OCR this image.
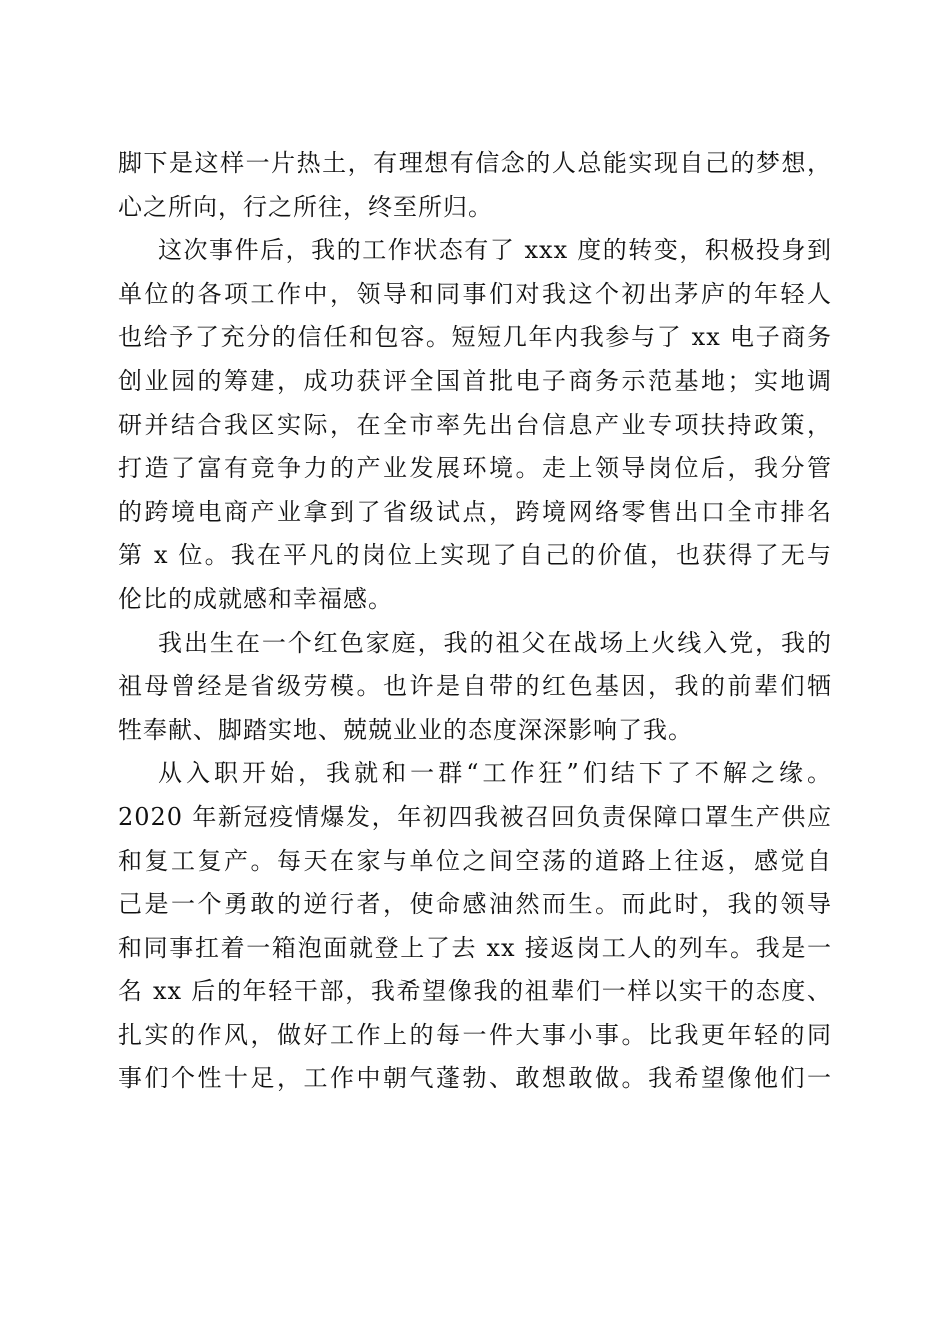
脚下是这样一片热土，有理想有信念的人总能实现自己的梦想，
心之所向，行之所往，终至所归。
这次事件后，我的工作状态有了 xxx 度的转变，积极投身到
单位的各项工作中，领导和同事们对我这个初出茅庐的年轻人
也给予了充分的信任和包容。短短几年内我参与了 xx 电子商务
创业园的筹建，成功获评全国首批电子商务示范基地；实地调
研并结合我区实际，在全市率先出台信息产业专项扶持政策，
打造了富有竞争力的产业发展环境。走上领导岗位后，我分管
的跨境电商产业拿到了省级试点，跨境网络零售出口全市排名
第 x 位。我在平凡的岗位上实现了自己的价值，也获得了无与
伦比的成就感和幸福感。
我出生在一个红色家庭，我的祖父在战场上火线入党，我的
祖母曾经是省级劳模。也许是自带的红色基因，我的前辈们牺
牲奉献、脚踏实地、兢兢业业的态度深深影响了我。
从入职开始，我就和一群“工作狂”们结下了不解之缘。
2020 年新冠疫情爆发，年初四我被召回负责保障口罩生产供应
和复工复产。每天在家与单位之间空荡的道路上往返，感觉自
己是一个勇敢的逆行者，使命感油然而生。而此时，我的领导
和同事扛着一箱泡面就登上了去 xx 接返岗工人的列车。我是一
名 xx 后的年轻干部，我希望像我的祖辈们一样以实干的态度、
扎实的作风，做好工作上的每一件大事小事。比我更年轻的同
事们个性十足，工作中朝气蓬勃、敢想敢做。我希望像他们一
